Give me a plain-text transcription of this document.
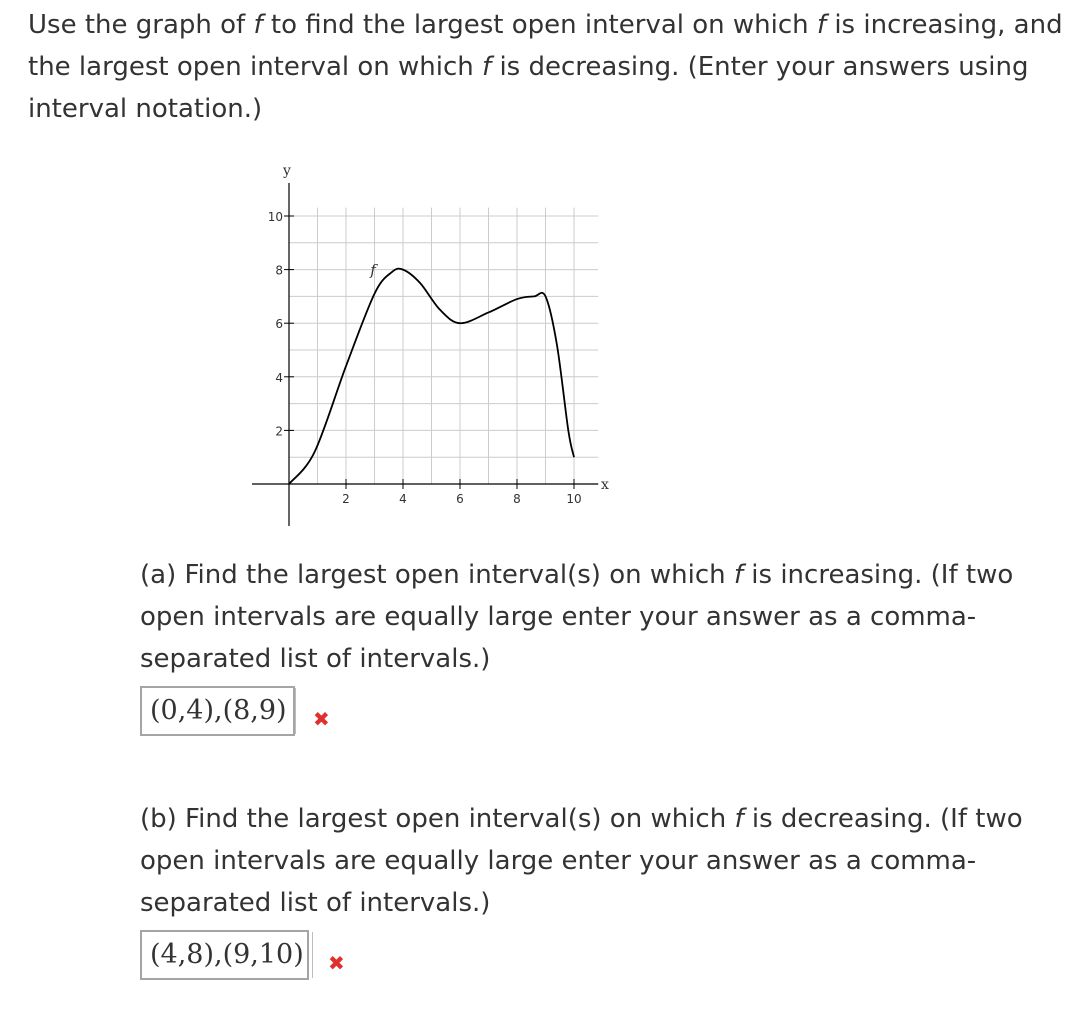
Use the graph of f to find the largest open interval on which f is increasing, and the largest open interval on which f is decreasing. (Enter your answers using interval notation.)

2
4
6
8
10
2	4	6	8	10
y
x
f

(a) Find the largest open interval(s) on which f is increasing. (If two open intervals are equally large enter your answer as a comma-separated list of intervals.)

(0,4),(8,9)	✖

(b) Find the largest open interval(s) on which f is decreasing. (If two open intervals are equally large enter your answer as a comma-separated list of intervals.)

(4,8),(9,10) ✖
